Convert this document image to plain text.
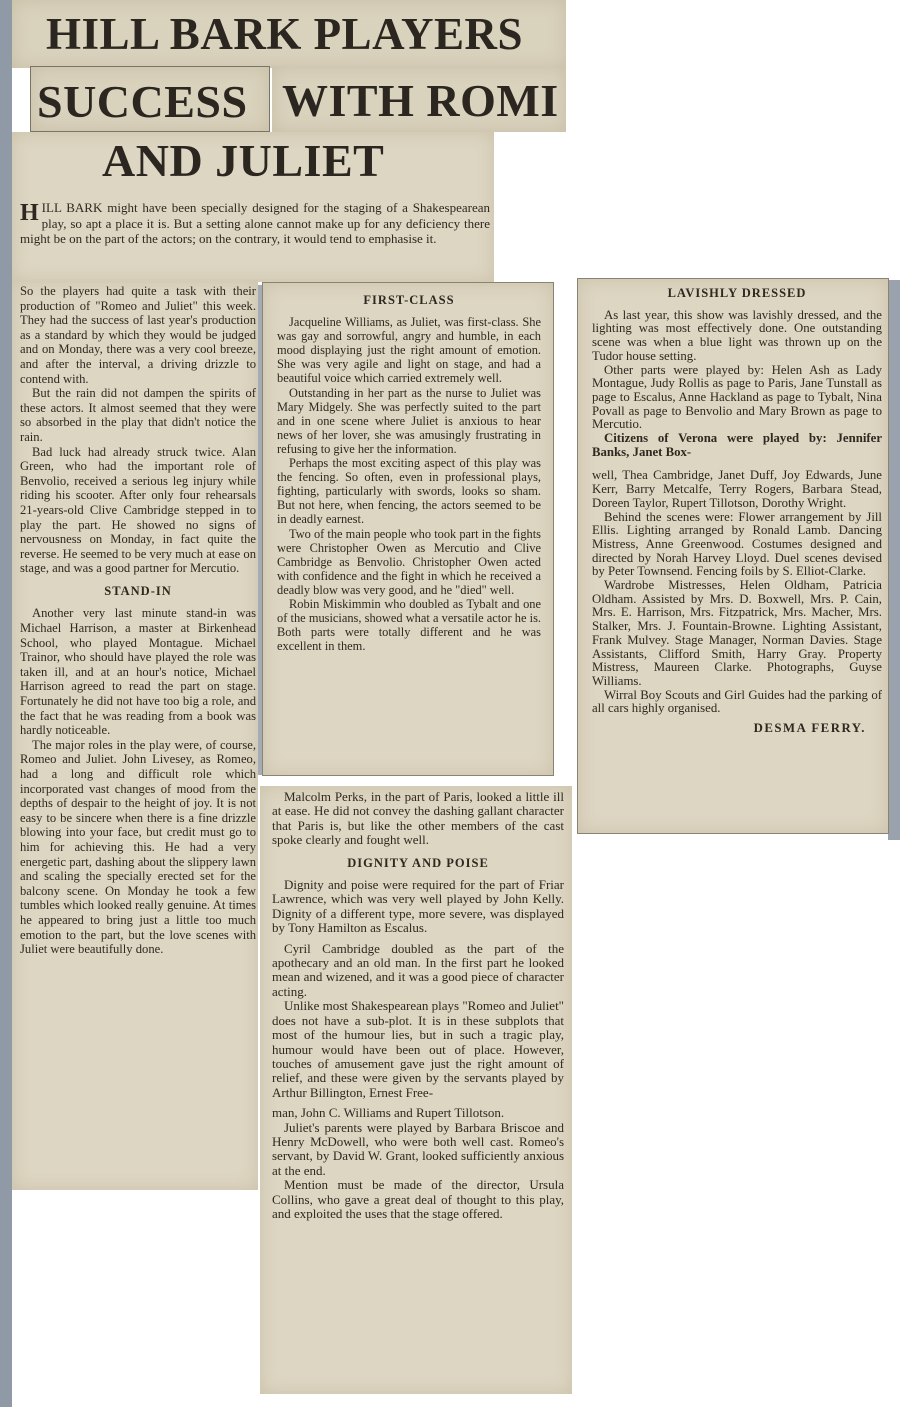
HILL BARK PLAYERS
SUCCESS WITH ROMI
AND JULIET
HILL BARK might have been specially designed for the staging of a Shakespearean play, so apt a place it is. But a setting alone cannot make up for any deficiency there might be on the part of the actors; on the contrary, it would tend to emphasise it.

So the players had quite a task with their production of "Romeo and Juliet" this week. They had the success of last year's production as a standard by which they would be judged and on Monday, there was a very cool breeze, and after the interval, a driving drizzle to contend with.

But the rain did not dampen the spirits of these actors. It almost seemed that they were so absorbed in the play that didn't notice the rain.

Bad luck had already struck twice. Alan Green, who had the important role of Benvolio, received a serious leg injury while riding his scooter. After only four rehearsals 21-years-old Clive Cambridge stepped in to play the part. He showed no signs of nervousness on Monday, in fact quite the reverse. He seemed to be very much at ease on stage, and was a good partner for Mercutio.

STAND-IN

Another very last minute stand-in was Michael Harrison, a master at Birkenhead School, who played Montague. Michael Trainor, who should have played the role was taken ill, and at an hour's notice, Michael Harrison agreed to read the part on stage. Fortunately he did not have too big a role, and the fact that he was reading from a book was hardly noticeable.

The major roles in the play were, of course, Romeo and Juliet. John Livesey, as Romeo, had a long and difficult role which incorporated vast changes of mood from the depths of despair to the height of joy. It is not easy to be sincere when there is a fine drizzle blowing into your face, but credit must go to him for achieving this. He had a very energetic part, dashing about the slippery lawn and scaling the specially erected set for the balcony scene. On Monday he took a few tumbles which looked really genuine. At times he appeared to bring just a little too much emotion to the part, but the love scenes with Juliet were beautifully done.

FIRST-CLASS

Jacqueline Williams, as Juliet, was first-class. She was gay and sorrowful, angry and humble, in each mood displaying just the right amount of emotion. She was very agile and light on stage, and had a beautiful voice which carried extremely well.

Outstanding in her part as the nurse to Juliet was Mary Midgely. She was perfectly suited to the part and in one scene where Juliet is anxious to hear news of her lover, she was amusingly frustrating in refusing to give her the information.

Perhaps the most exciting aspect of this play was the fencing. So often, even in professional plays, fighting, particularly with swords, looks so sham. But not here, when fencing, the actors seemed to be in deadly earnest.

Two of the main people who took part in the fights were Christopher Owen as Mercutio and Clive Cambridge as Benvolio. Christopher Owen acted with confidence and the fight in which he received a deadly blow was very good, and he "died" well.

Robin Miskimmin who doubled as Tybalt and one of the musicians, showed what a versatile actor he is. Both parts were totally different and he was excellent in them.

Malcolm Perks, in the part of Paris, looked a little ill at ease. He did not convey the dashing gallant character that Paris is, but like the other members of the cast spoke clearly and fought well.

DIGNITY AND POISE

Dignity and poise were required for the part of Friar Lawrence, which was very well played by John Kelly. Dignity of a different type, more severe, was displayed by Tony Hamilton as Escalus.

Cyril Cambridge doubled as the part of the apothecary and an old man. In the first part he looked mean and wizened, and it was a good piece of character acting.

Unlike most Shakespearean plays "Romeo and Juliet" does not have a sub-plot. It is in these subplots that most of the humour lies, but in such a tragic play, humour would have been out of place. However, touches of amusement gave just the right amount of relief, and these were given by the servants played by Arthur Billington, Ernest Free-

man, John C. Williams and Rupert Tillotson.

Juliet's parents were played by Barbara Briscoe and Henry McDowell, who were both well cast. Romeo's servant, by David W. Grant, looked sufficiently anxious at the end.

Mention must be made of the director, Ursula Collins, who gave a great deal of thought to this play, and exploited the uses that the stage offered.

LAVISHLY DRESSED

As last year, this show was lavishly dressed, and the lighting was most effectively done. One outstanding scene was when a blue light was thrown up on the Tudor house setting.

Other parts were played by: Helen Ash as Lady Montague, Judy Rollis as page to Paris, Jane Tunstall as page to Escalus, Anne Hackland as page to Tybalt, Nina Povall as page to Benvolio and Mary Brown as page to Mercutio.

Citizens of Verona were played by: Jennifer Banks, Janet Box-

well, Thea Cambridge, Janet Duff, Joy Edwards, June Kerr, Barry Metcalfe, Terry Rogers, Barbara Stead, Doreen Taylor, Rupert Tillotson, Dorothy Wright.

Behind the scenes were: Flower arrangement by Jill Ellis. Lighting arranged by Ronald Lamb. Dancing Mistress, Anne Greenwood. Costumes designed and directed by Norah Harvey Lloyd. Duel scenes devised by Peter Townsend. Fencing foils by S. Elliot-Clarke.

Wardrobe Mistresses, Helen Oldham, Patricia Oldham. Assisted by Mrs. D. Boxwell, Mrs. P. Cain, Mrs. E. Harrison, Mrs. Fitzpatrick, Mrs. Macher, Mrs. Stalker, Mrs. J. Fountain-Browne. Lighting Assistant, Frank Mulvey. Stage Manager, Norman Davies. Stage Assistants, Clifford Smith, Harry Gray. Property Mistress, Maureen Clarke. Photographs, Guyse Williams.

Wirral Boy Scouts and Girl Guides had the parking of all cars highly organised.

DESMA FERRY.
